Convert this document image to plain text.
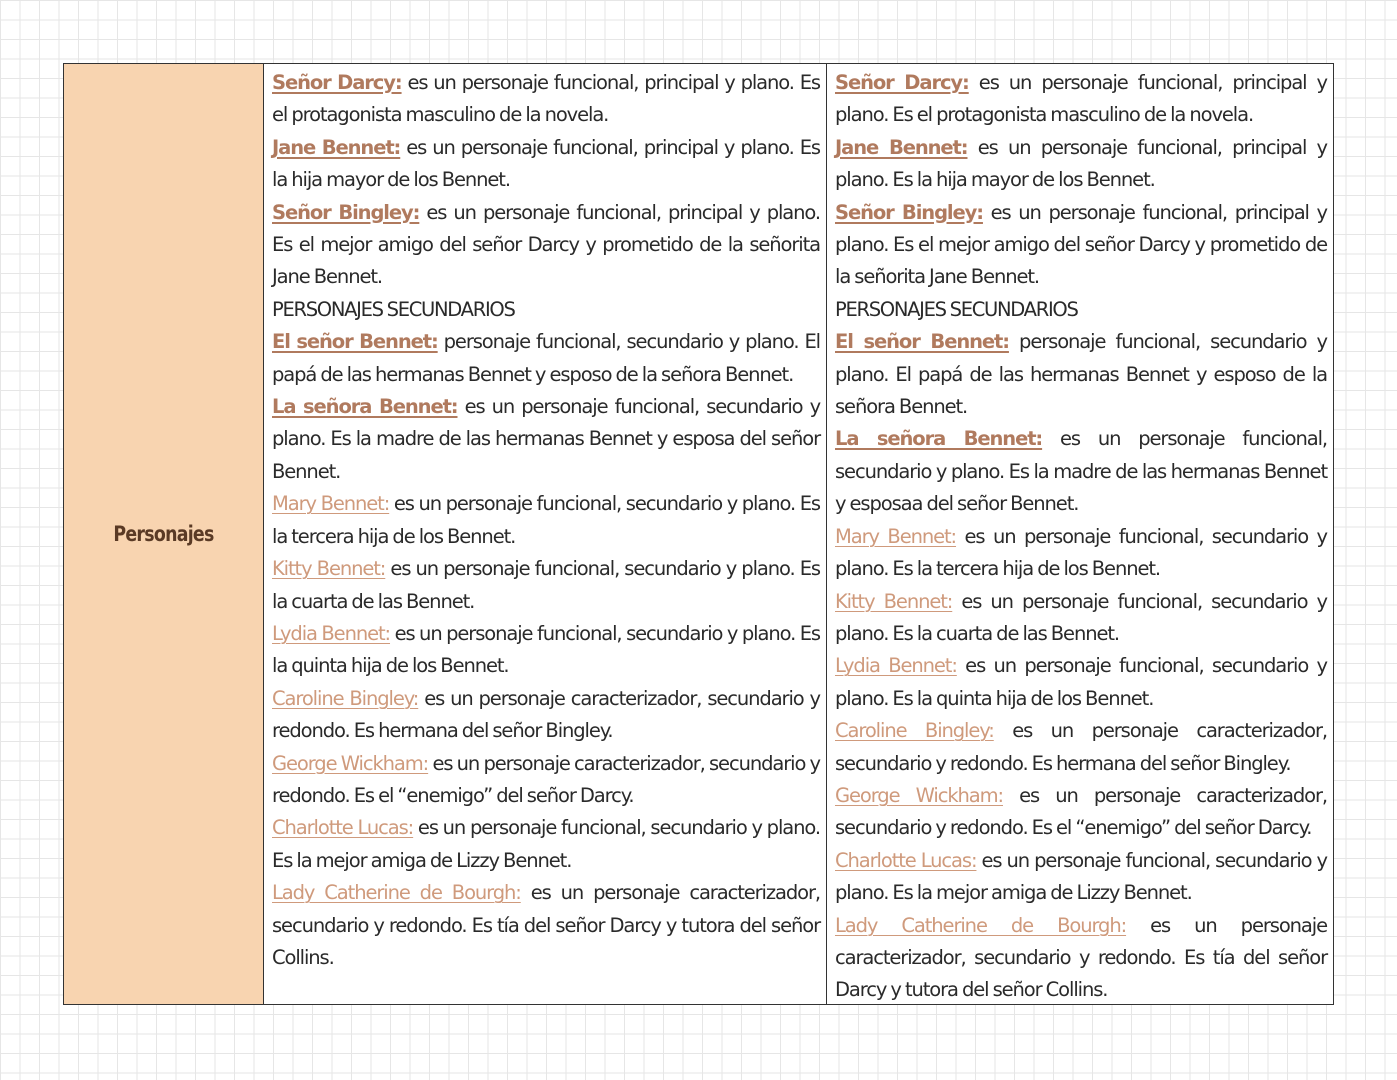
Personajes

Señor Darcy: es un personaje funcional, principal y plano. Es el protagonista masculino de la novela.

Jane Bennet: es un personaje funcional, principal y plano. Es la hija mayor de los Bennet.

Señor Bingley: es un personaje funcional, principal y plano. Es el mejor amigo del señor Darcy y prometido de la señorita Jane Bennet.

PERSONAJES SECUNDARIOS

El señor Bennet: personaje funcional, secundario y plano. El papá de las hermanas Bennet y esposo de la señora Bennet.

La señora Bennet: es un personaje funcional, secundario y plano. Es la madre de las hermanas Bennet y esposa del señor Bennet.

Mary Bennet: es un personaje funcional, secundario y plano. Es la tercera hija de los Bennet.

Kitty Bennet: es un personaje funcional, secundario y plano. Es la cuarta de las Bennet.

Lydia Bennet: es un personaje funcional, secundario y plano. Es la quinta hija de los Bennet.

Caroline Bingley: es un personaje caracterizador, secundario y redondo. Es hermana del señor Bingley.

George Wickham: es un personaje caracterizador, secundario y redondo. Es el “enemigo” del señor Darcy.

Charlotte Lucas: es un personaje funcional, secundario y plano. Es la mejor amiga de Lizzy Bennet.

Lady Catherine de Bourgh: es un personaje caracterizador, secundario y redondo. Es tía del señor Darcy y tutora del señor Collins.

Señor Darcy: es un personaje funcional, principal y plano. Es el protagonista masculino de la novela.

Jane Bennet: es un personaje funcional, principal y plano. Es la hija mayor de los Bennet.

Señor Bingley: es un personaje funcional, principal y plano. Es el mejor amigo del señor Darcy y prometido de la señorita Jane Bennet.

PERSONAJES SECUNDARIOS

El señor Bennet: personaje funcional, secundario y plano. El papá de las hermanas Bennet y esposo de la señora Bennet.

La señora Bennet: es un personaje funcional, secundario y plano. Es la madre de las hermanas Bennet y esposaa del señor Bennet.

Mary Bennet: es un personaje funcional, secundario y plano. Es la tercera hija de los Bennet.

Kitty Bennet: es un personaje funcional, secundario y plano. Es la cuarta de las Bennet.

Lydia Bennet: es un personaje funcional, secundario y plano. Es la quinta hija de los Bennet.

Caroline Bingley: es un personaje caracterizador, secundario y redondo. Es hermana del señor Bingley.

George Wickham: es un personaje caracterizador, secundario y redondo. Es el “enemigo” del señor Darcy.

Charlotte Lucas: es un personaje funcional, secundario y plano. Es la mejor amiga de Lizzy Bennet.

Lady Catherine de Bourgh: es un personaje caracterizador, secundario y redondo. Es tía del señor Darcy y tutora del señor Collins.
